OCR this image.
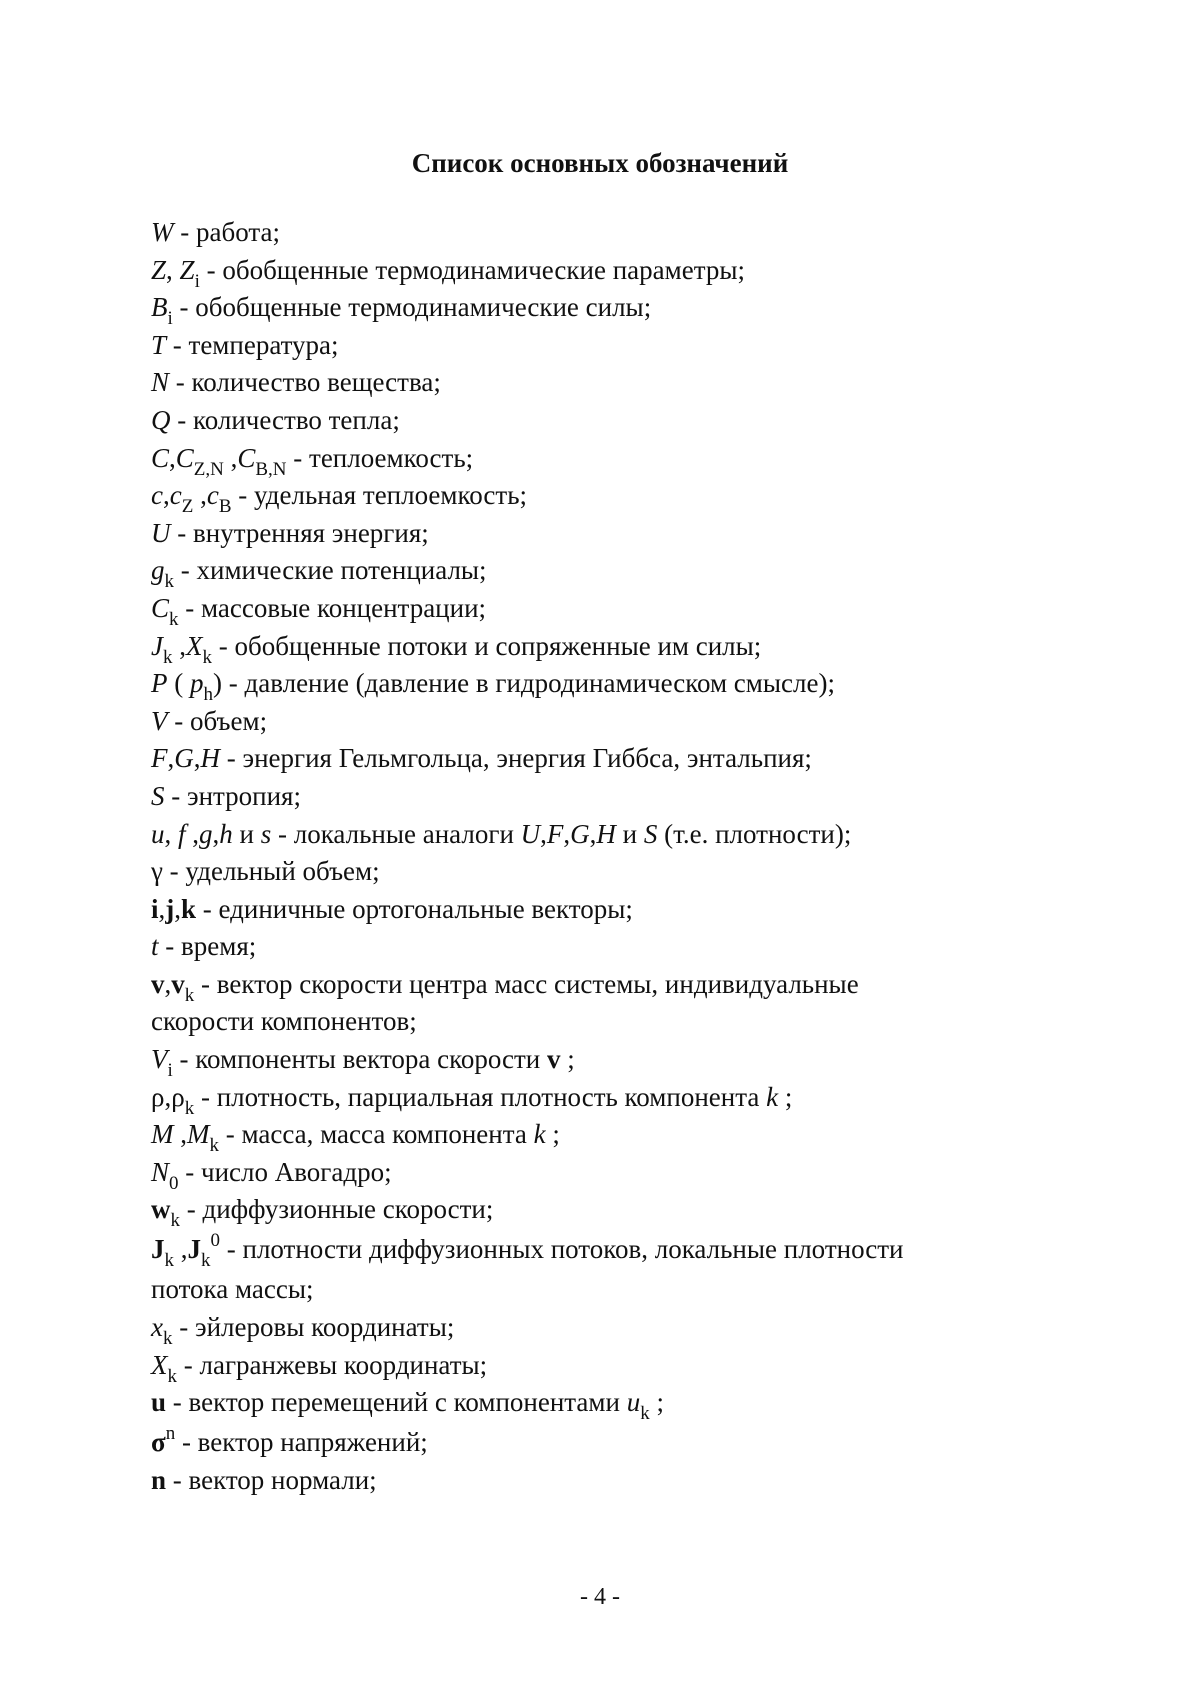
Список основных обозначений
W - работа;
Z, $Z_i$ - обобщенные термодинамические параметры;
$B_i$ - обобщенные термодинамические силы;
T - температура;
N - количество вещества;
Q - количество тепла;
$C,C_{Z,N}$ $,C_{B,N}$ - теплоемкость;
$c,c_Z$ $,c_B$ - удельная теплоемкость;
U - внутренняя энергия;
$g_k$ - химические потенциалы;
$C_k$ - массовые концентрации;
$J_k$ $,X_k$ - обобщенные потоки и сопряженные им силы;
P ( $p_h$) - давление (давление в гидродинамическом смысле);
V - объем;
F,G,H - энергия Гельмгольца, энергия Гиббса, энтальпия;
S - энтропия;
u, f ,g,h и s - локальные аналоги U,F,G,H и S (т.е. плотности);
γ - удельный объем;
i,j,k - единичные ортогональные векторы;
t - время;
$v,v_k$ - вектор скорости центра масс системы, индивидуальные
скорости компонентов;
$V_i$ - компоненты вектора скорости v ;
$\rho,\rho_k$ - плотность, парциальная плотность компонента k ;
M $,M_k$ - масса, масса компонента k ;
$N_0$ - число Авогадро;
$w_k$ - диффузионные скорости;
$J_k$ $,J_k^0$ - плотности диффузионных потоков, локальные плотности
потока массы;
$x_k$ - эйлеровы координаты;
$X_k$ - лагранжевы координаты;
u - вектор перемещений с компонентами $u_k$ ;
$\sigma^n$ - вектор напряжений;
n - вектор нормали;
- 4 -
